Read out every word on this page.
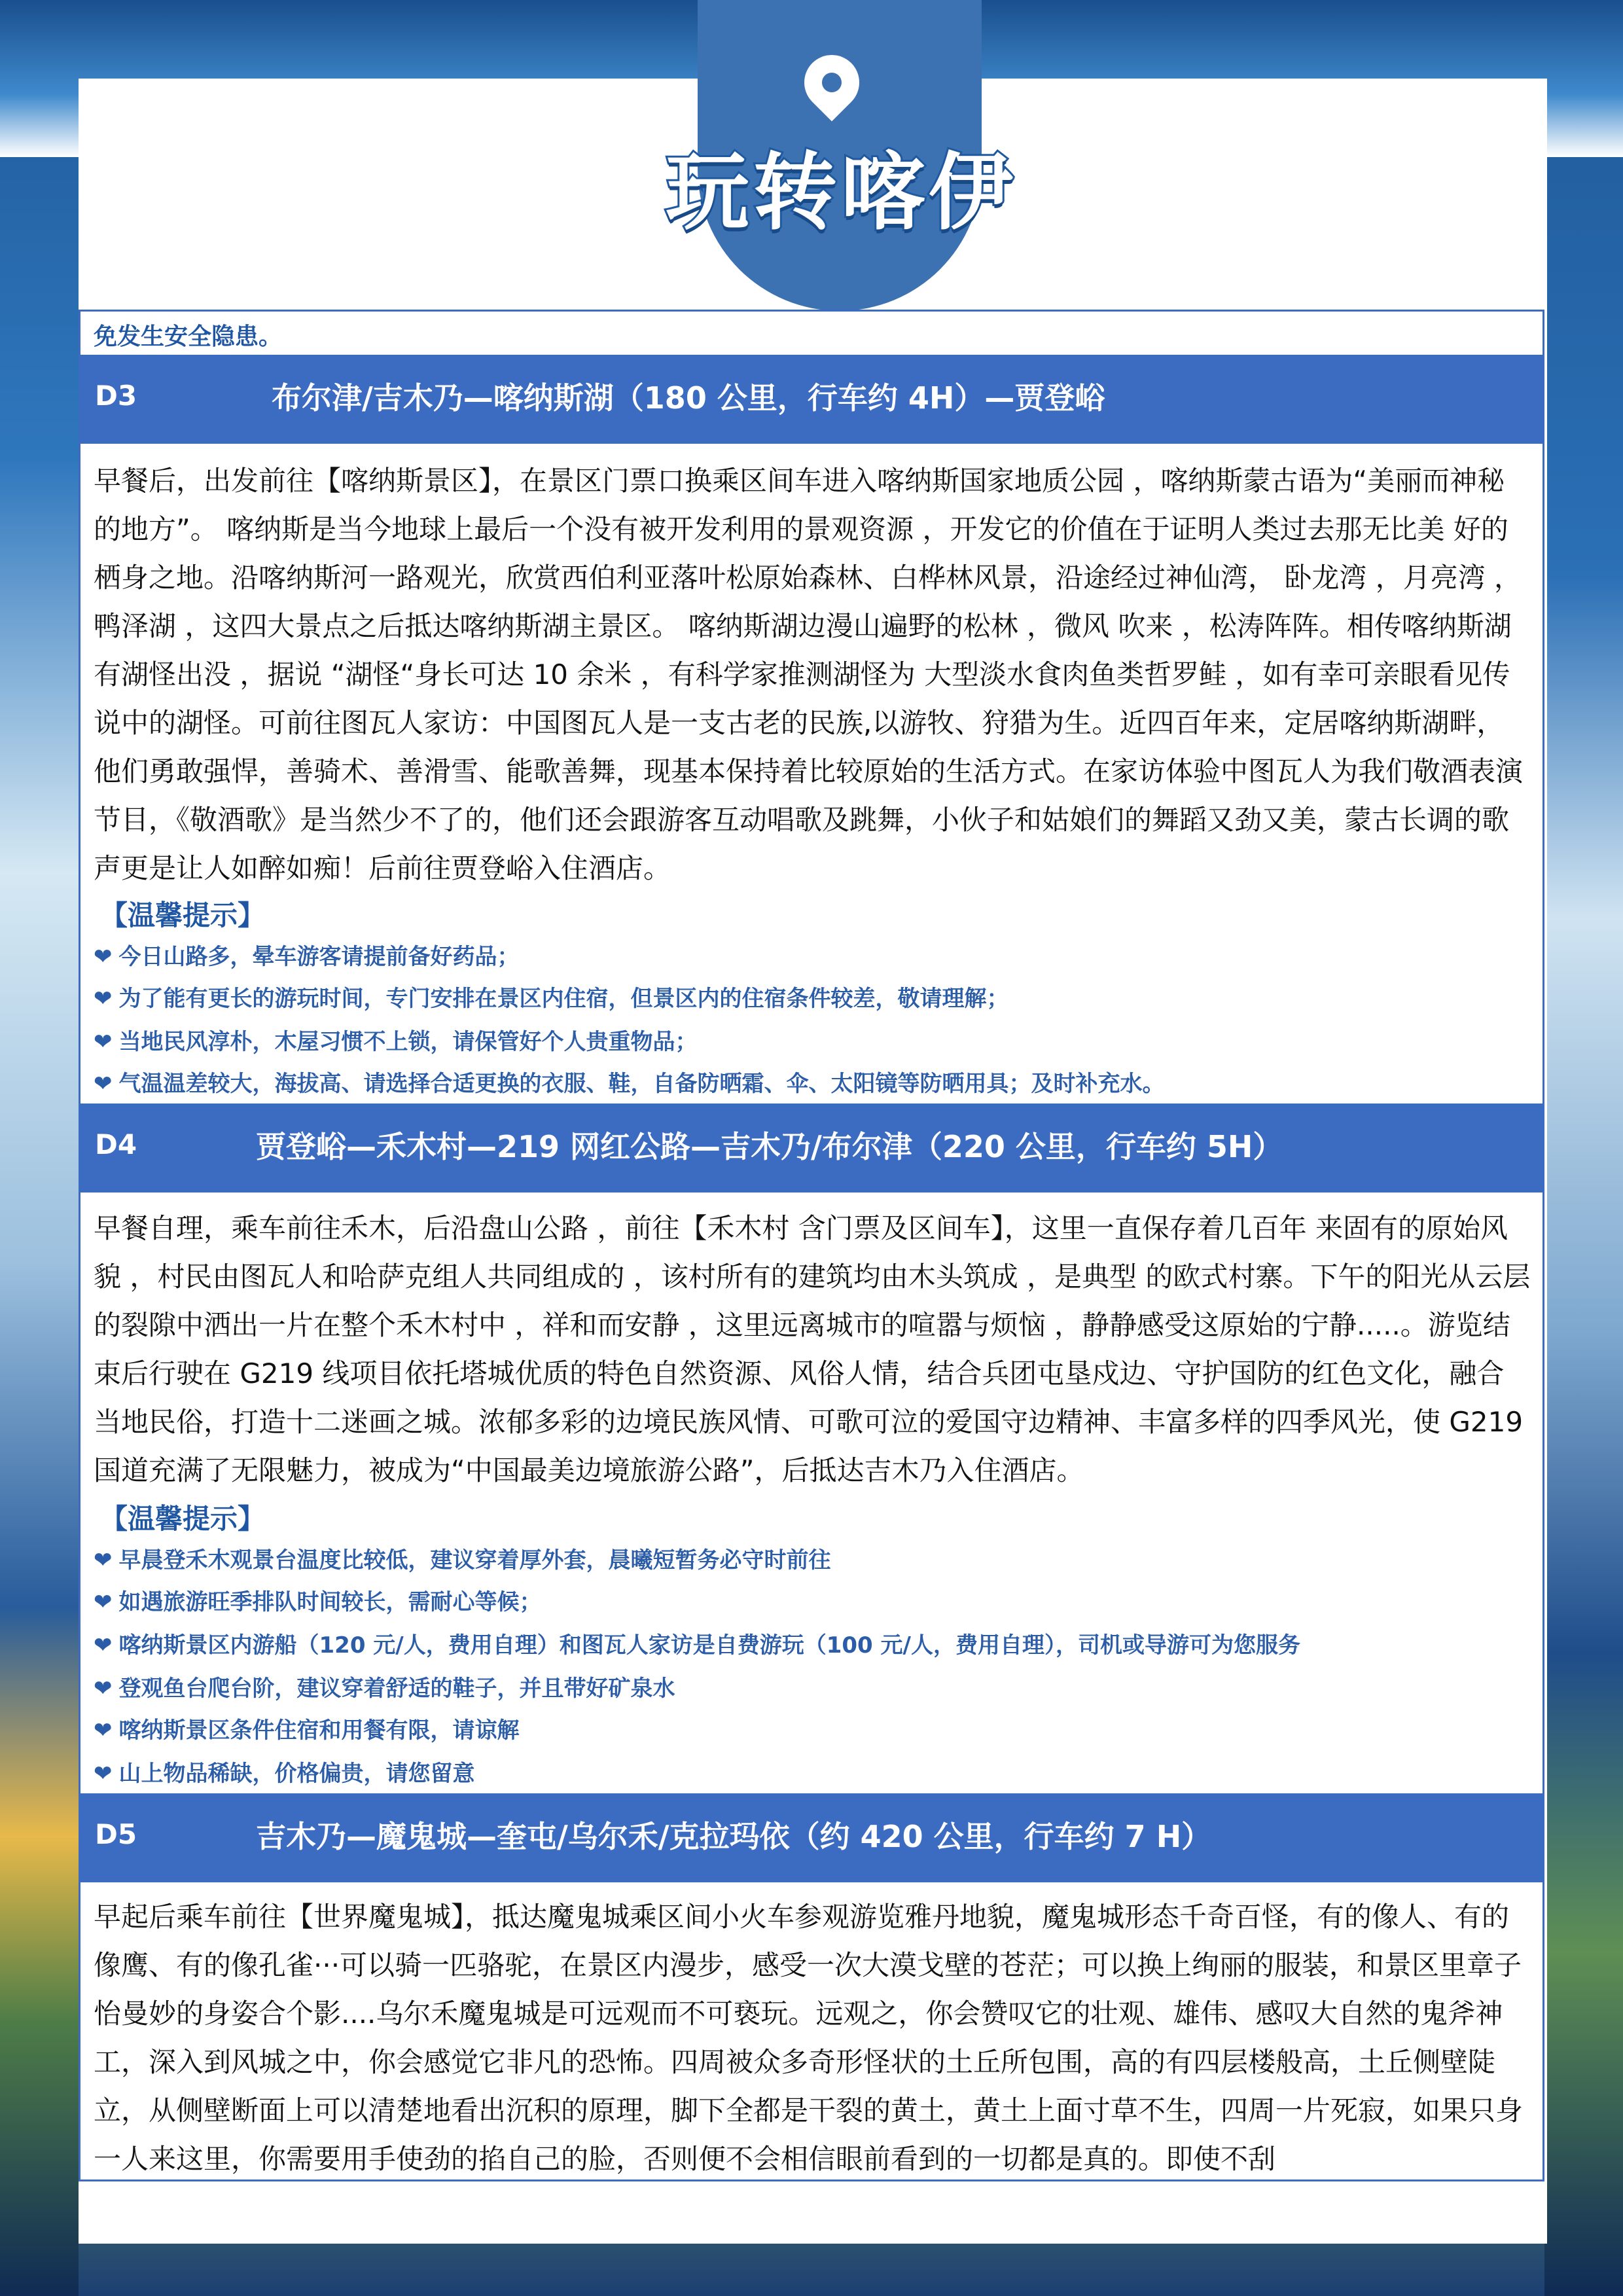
玩转喀伊
免发生安全隐患。
D3	布尔津/吉木乃—喀纳斯湖（180 公里，行车约 4H）—贾登峪
早餐后，出发前往【喀纳斯景区】，在景区门票口换乘区间车进入喀纳斯国家地质公园 ，喀纳斯蒙古语为“美丽而神秘的地方”。 喀纳斯是当今地球上最后一个没有被开发利用的景观资源 ，开发它的价值在于证明人类过去那无比美 好的栖身之地。沿喀纳斯河一路观光，欣赏西伯利亚落叶松原始森林、白桦林风景，沿途经过神仙湾， 卧龙湾 ，月亮湾 ，鸭泽湖 ，这四大景点之后抵达喀纳斯湖主景区。 喀纳斯湖边漫山遍野的松林 ，微风 吹来 ，松涛阵阵。相传喀纳斯湖有湖怪出没 ，据说 “湖怪“身长可达 10 余米 ，有科学家推测湖怪为 大型淡水食肉鱼类哲罗鲑 ，如有幸可亲眼看见传说中的湖怪。可前往图瓦人家访：中国图瓦人是一支古老的民族,以游牧、狩猎为生。近四百年来，定居喀纳斯湖畔，他们勇敢强悍，善骑术、善滑雪、能歌善舞，现基本保持着比较原始的生活方式。在家访体验中图瓦人为我们敬酒表演节目，《敬酒歌》是当然少不了的，他们还会跟游客互动唱歌及跳舞，小伙子和姑娘们的舞蹈又劲又美，蒙古长调的歌声更是让人如醉如痴！后前往贾登峪入住酒店。
【温馨提示】
❤ 今日山路多，晕车游客请提前备好药品；
❤ 为了能有更长的游玩时间，专门安排在景区内住宿，但景区内的住宿条件较差，敬请理解；
❤ 当地民风淳朴，木屋习惯不上锁，请保管好个人贵重物品；
❤ 气温温差较大，海拔高、请选择合适更换的衣服、鞋，自备防晒霜、伞、太阳镜等防晒用具；及时补充水。
D4	贾登峪—禾木村—219 网红公路—吉木乃/布尔津（220 公里，行车约 5H）
早餐自理，乘车前往禾木，后沿盘山公路 ，前往【禾木村 含门票及区间车】，这里一直保存着几百年 来固有的原始风貌 ，村民由图瓦人和哈萨克组人共同组成的 ，该村所有的建筑均由木头筑成 ，是典型 的欧式村寨。下午的阳光从云层的裂隙中洒出一片在整个禾木村中 ，祥和而安静 ，这里远离城市的喧嚣与烦恼 ，静静感受这原始的宁静.....。游览结束后行驶在 G219 线项目依托塔城优质的特色自然资源、风俗人情，结合兵团屯垦戍边、守护国防的红色文化，融合当地民俗，打造十二迷画之城。浓郁多彩的边境民族风情、可歌可泣的爱国守边精神、丰富多样的四季风光，使 G219 国道充满了无限魅力，被成为“中国最美边境旅游公路”，后抵达吉木乃入住酒店。
【温馨提示】
❤ 早晨登禾木观景台温度比较低，建议穿着厚外套，晨曦短暂务必守时前往
❤ 如遇旅游旺季排队时间较长，需耐心等候；
❤ 喀纳斯景区内游船（120 元/人，费用自理）和图瓦人家访是自费游玩（100 元/人，费用自理），司机或导游可为您服务
❤ 登观鱼台爬台阶，建议穿着舒适的鞋子，并且带好矿泉水
❤ 喀纳斯景区条件住宿和用餐有限，请谅解
❤ 山上物品稀缺，价格偏贵，请您留意
D5	吉木乃—魔鬼城—奎屯/乌尔禾/克拉玛依（约 420 公里，行车约 7 H）
早起后乘车前往【世界魔鬼城】，抵达魔鬼城乘区间小火车参观游览雅丹地貌，魔鬼城形态千奇百怪，有的像人、有的像鹰、有的像孔雀···可以骑一匹骆驼，在景区内漫步，感受一次大漠戈壁的苍茫；可以换上绚丽的服装，和景区里章子怡曼妙的身姿合个影....乌尔禾魔鬼城是可远观而不可亵玩。远观之，你会赞叹它的壮观、雄伟、感叹大自然的鬼斧神工，深入到风城之中，你会感觉它非凡的恐怖。四周被众多奇形怪状的土丘所包围，高的有四层楼般高，土丘侧壁陡立，从侧壁断面上可以清楚地看出沉积的原理，脚下全都是干裂的黄土，黄土上面寸草不生，四周一片死寂，如果只身一人来这里，你需要用手使劲的掐自己的脸，否则便不会相信眼前看到的一切都是真的。即使不刮
